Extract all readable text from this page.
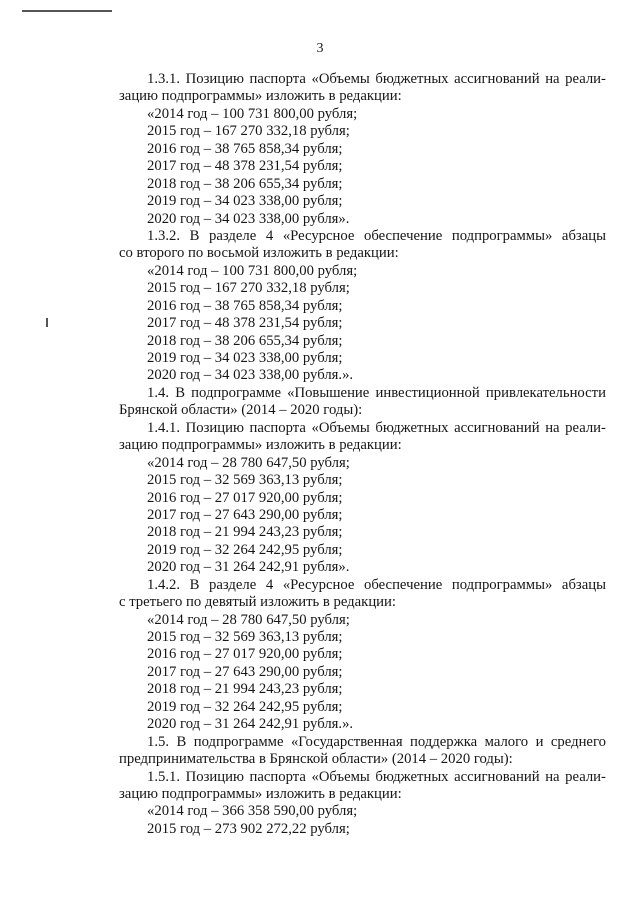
3
1.3.1. Позицию паспорта «Объемы бюджетных ассигнований на реали-
зацию подпрограммы» изложить в редакции:
«2014 год – 100 731 800,00 рубля;
2015 год – 167 270 332,18 рубля;
2016 год – 38 765 858,34 рубля;
2017 год – 48 378 231,54 рубля;
2018 год – 38 206 655,34 рубля;
2019 год – 34 023 338,00 рубля;
2020 год – 34 023 338,00 рубля».
1.3.2. В разделе 4 «Ресурсное обеспечение подпрограммы» абзацы
со второго по восьмой изложить в редакции:
«2014 год – 100 731 800,00 рубля;
2015 год – 167 270 332,18 рубля;
2016 год – 38 765 858,34 рубля;
2017 год – 48 378 231,54 рубля;
2018 год – 38 206 655,34 рубля;
2019 год – 34 023 338,00 рубля;
2020 год – 34 023 338,00 рубля.».
1.4. В подпрограмме «Повышение инвестиционной привлекательности
Брянской области» (2014 – 2020 годы):
1.4.1. Позицию паспорта «Объемы бюджетных ассигнований на реали-
зацию подпрограммы» изложить в редакции:
«2014 год – 28 780 647,50 рубля;
2015 год – 32 569 363,13 рубля;
2016 год – 27 017 920,00 рубля;
2017 год – 27 643 290,00 рубля;
2018 год – 21 994 243,23 рубля;
2019 год – 32 264 242,95 рубля;
2020 год – 31 264 242,91 рубля».
1.4.2. В разделе 4 «Ресурсное обеспечение подпрограммы» абзацы
с третьего по девятый изложить в редакции:
«2014 год – 28 780 647,50 рубля;
2015 год – 32 569 363,13 рубля;
2016 год – 27 017 920,00 рубля;
2017 год – 27 643 290,00 рубля;
2018 год – 21 994 243,23 рубля;
2019 год – 32 264 242,95 рубля;
2020 год – 31 264 242,91 рубля.».
1.5. В подпрограмме «Государственная поддержка малого и среднего
предпринимательства в Брянской области» (2014 – 2020 годы):
1.5.1. Позицию паспорта «Объемы бюджетных ассигнований на реали-
зацию подпрограммы» изложить в редакции:
«2014 год – 366 358 590,00 рубля;
2015 год – 273 902 272,22 рубля;
